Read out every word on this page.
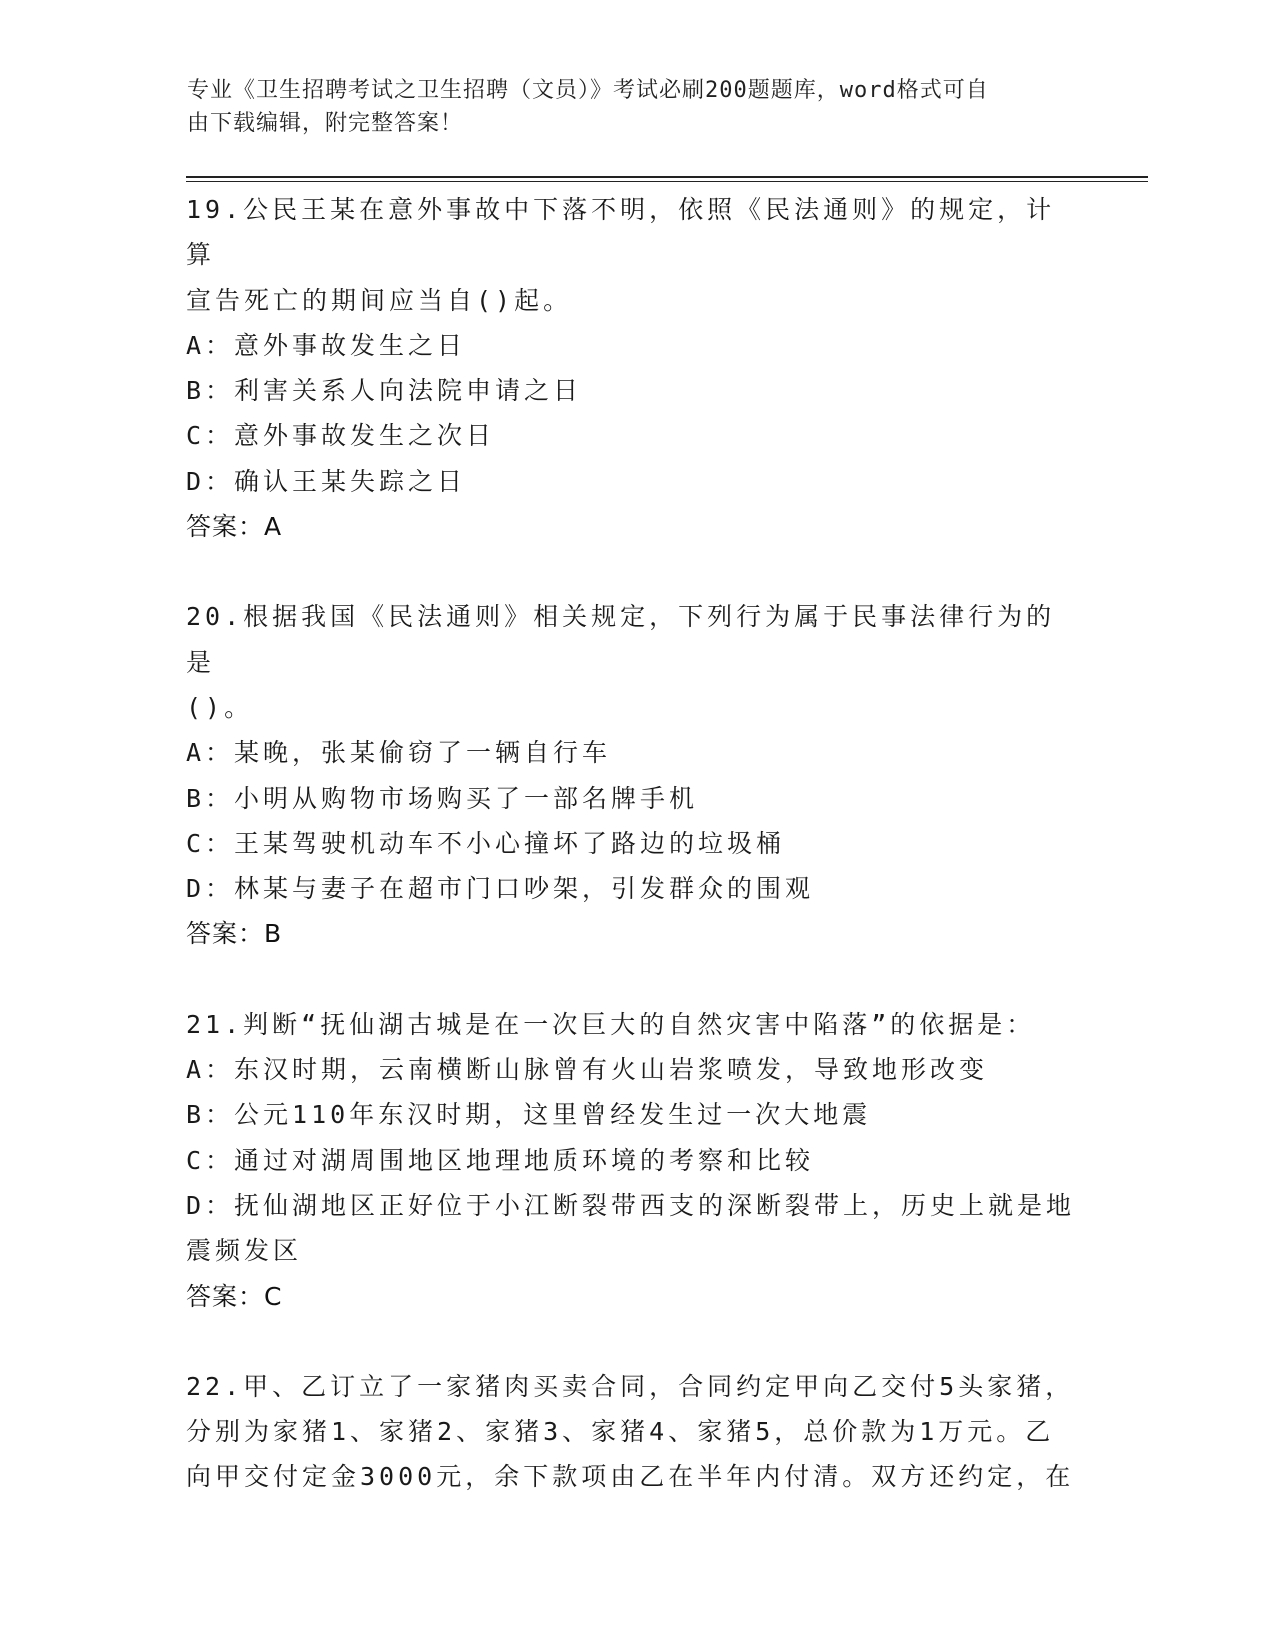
专业《卫生招聘考试之卫生招聘（文员）》考试必刷200题题库，word格式可自
由下载编辑，附完整答案！
19.公民王某在意外事故中下落不明，依照《民法通则》的规定，计算
宣告死亡的期间应当自()起。
A：意外事故发生之日
B：利害关系人向法院申请之日
C：意外事故发生之次日
D：确认王某失踪之日
答案：A
20.根据我国《民法通则》相关规定，下列行为属于民事法律行为的是
()。
A：某晚，张某偷窃了一辆自行车
B：小明从购物市场购买了一部名牌手机
C：王某驾驶机动车不小心撞坏了路边的垃圾桶
D：林某与妻子在超市门口吵架，引发群众的围观
答案：B
21.判断“抚仙湖古城是在一次巨大的自然灾害中陷落”的依据是：
A：东汉时期，云南横断山脉曾有火山岩浆喷发，导致地形改变
B：公元110年东汉时期，这里曾经发生过一次大地震
C：通过对湖周围地区地理地质环境的考察和比较
D：抚仙湖地区正好位于小江断裂带西支的深断裂带上，历史上就是地
震频发区
答案：C
22.甲、乙订立了一家猪肉买卖合同，合同约定甲向乙交付5头家猪，
分别为家猪1、家猪2、家猪3、家猪4、家猪5，总价款为1万元。乙
向甲交付定金3000元，余下款项由乙在半年内付清。双方还约定，在
